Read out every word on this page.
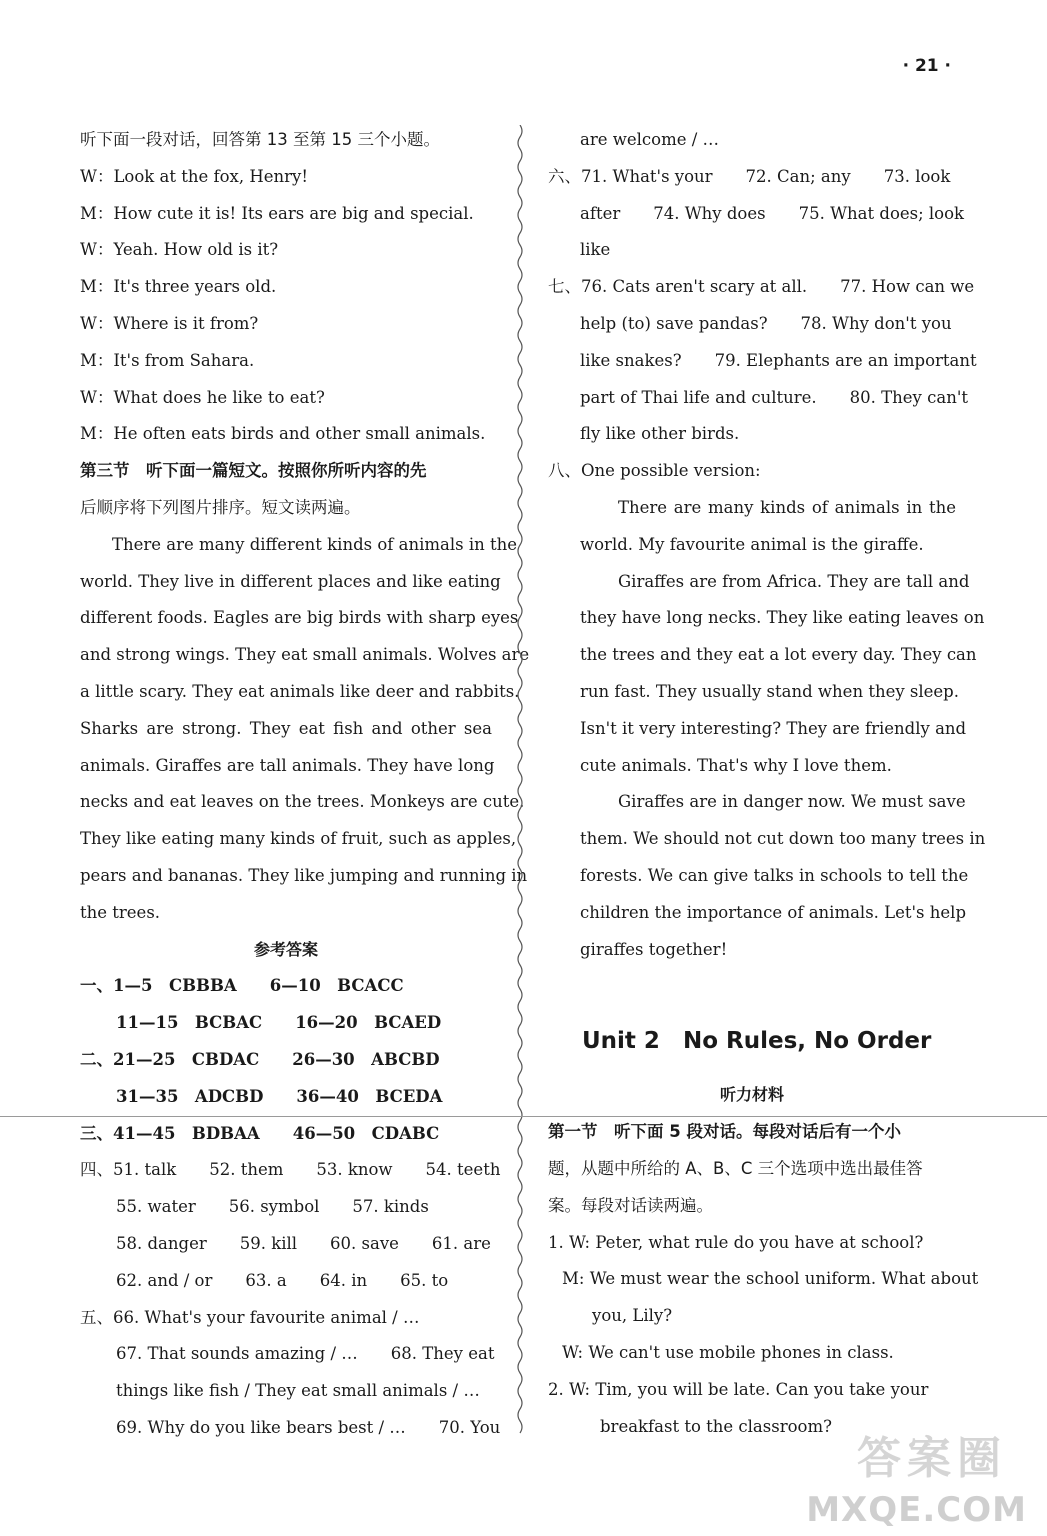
· 21 ·
听下面一段对话，回答第 13 至第 15 三个小题。
W：Look at the fox, Henry!
M：How cute it is! Its ears are big and special.
W：Yeah. How old is it?
M：It's three years old.
W：Where is it from?
M：It's from Sahara.
W：What does he like to eat?
M：He often eats birds and other small animals.
第三节　听下面一篇短文。按照你所听内容的先
后顺序将下列图片排序。短文读两遍。
There are many different kinds of animals in the
world. They live in different places and like eating
different foods. Eagles are big birds with sharp eyes
and strong wings. They eat small animals. Wolves are
a little scary. They eat animals like deer and rabbits.
Sharks are strong. They eat fish and other sea
animals. Giraffes are tall animals. They have long
necks and eat leaves on the trees. Monkeys are cute.
They like eating many kinds of fruit, such as apples,
pears and bananas. They like jumping and running in
the trees.
参考答案
一、1—5　CBBBA　　6—10　BCACC
11—15　BCBAC　　16—20　BCAED
二、21—25　CBDAC　　26—30　ABCBD
31—35　ADCBD　　36—40　BCEDA
三、41—45　BDBAA　　46—50　CDABC
四、51. talk　　52. them　　53. know　　54. teeth
55. water　　56. symbol　　57. kinds
58. danger　　59. kill　　60. save　　61. are
62. and / or　　63. a　　64. in　　65. to
五、66. What's your favourite animal / …
67. That sounds amazing / …　　68. They eat
things like fish / They eat small animals / …
69. Why do you like bears best / …　　70. You
are welcome / …
六、71. What's your　　72. Can; any　　73. look
after　　74. Why does　　75. What does; look
like
七、76. Cats aren't scary at all.　　77. How can we
help (to) save pandas?　　78. Why don't you
like snakes?　　79. Elephants are an important
part of Thai life and culture.　　80. They can't
fly like other birds.
八、One possible version:
There are many kinds of animals in the
world. My favourite animal is the giraffe.
Giraffes are from Africa. They are tall and
they have long necks. They like eating leaves on
the trees and they eat a lot every day. They can
run fast. They usually stand when they sleep.
Isn't it very interesting? They are friendly and
cute animals. That's why I love them.
Giraffes are in danger now. We must save
them. We should not cut down too many trees in
forests. We can give talks in schools to tell the
children the importance of animals. Let's help
giraffes together!
Unit 2　No Rules, No Order
听力材料
第一节　听下面 5 段对话。每段对话后有一个小
题，从题中所给的 A、B、C 三个选项中选出最佳答
案。每段对话读两遍。
1. W: Peter, what rule do you have at school?
M: We must wear the school uniform. What about
you, Lily?
W: We can't use mobile phones in class.
2. W: Tim, you will be late. Can you take your
breakfast to the classroom?
答案圈
MXQE.COM
